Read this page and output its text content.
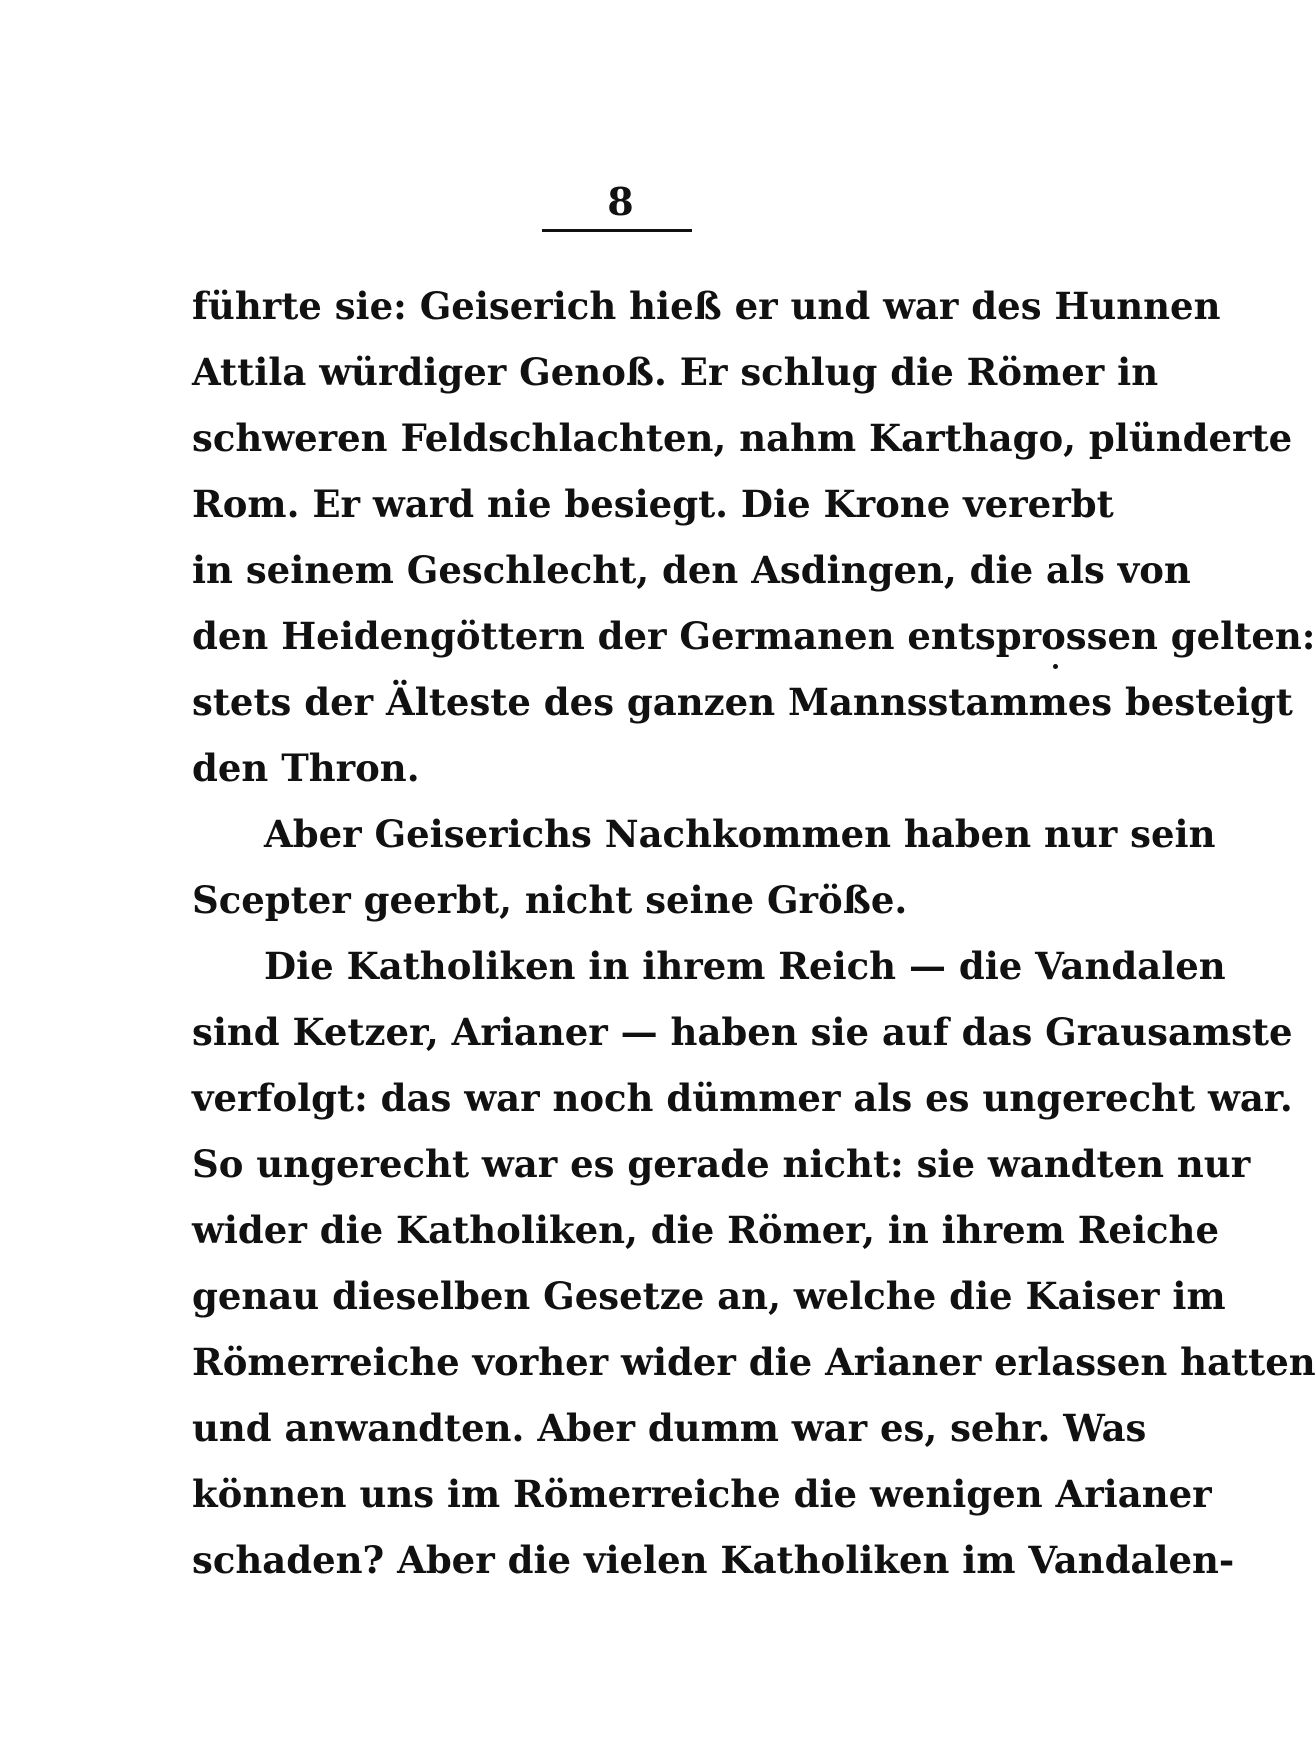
8
führte sie: Geiserich hieß er und war des Hunnen
Attila würdiger Genoß. Er schlug die Römer in
schweren Feldschlachten, nahm Karthago, plünderte
Rom. Er ward nie besiegt. Die Krone vererbt
in seinem Geschlecht, den Asdingen, die als von
den Heidengöttern der Germanen entsprossen gelten:
stets der Älteste des ganzen Mannsstammes besteigt
den Thron.
Aber Geiserichs Nachkommen haben nur sein
Scepter geerbt, nicht seine Größe.
Die Katholiken in ihrem Reich — die Vandalen
sind Ketzer, Arianer — haben sie auf das Grausamste
verfolgt: das war noch dümmer als es ungerecht war.
So ungerecht war es gerade nicht: sie wandten nur
wider die Katholiken, die Römer, in ihrem Reiche
genau dieselben Gesetze an, welche die Kaiser im
Römerreiche vorher wider die Arianer erlassen hatten
und anwandten. Aber dumm war es, sehr. Was
können uns im Römerreiche die wenigen Arianer
schaden? Aber die vielen Katholiken im Vandalen-
